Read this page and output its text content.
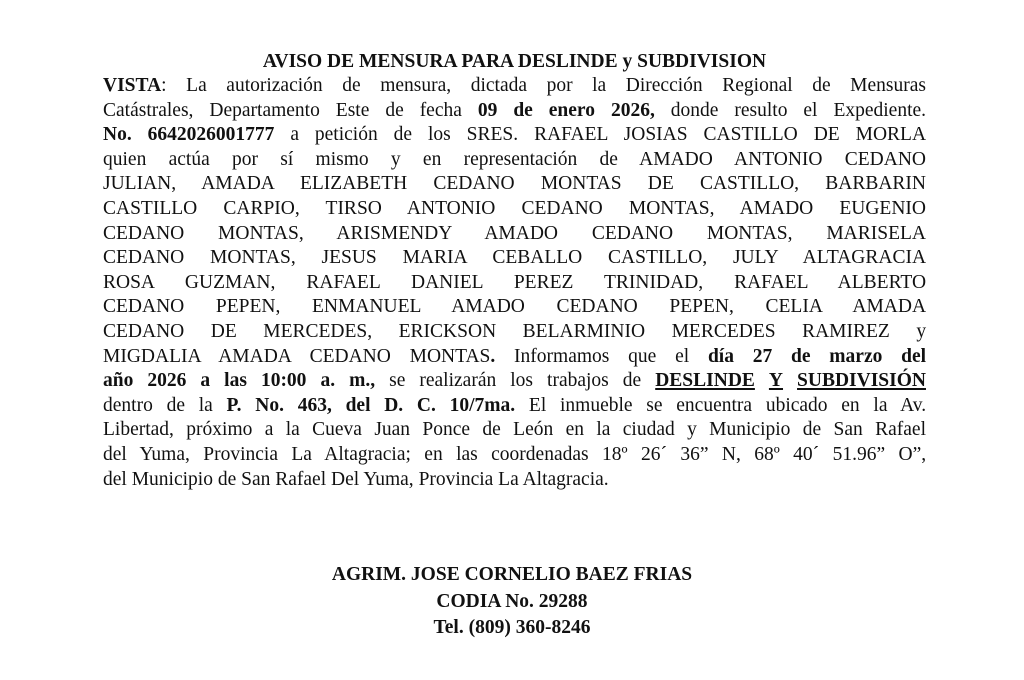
AVISO DE MENSURA PARA DESLINDE y SUBDIVISION
VISTA: La autorización de mensura, dictada por la Dirección Regional de Mensuras
Catástrales, Departamento Este de fecha 09 de enero 2026, donde resulto el Expediente.
No. 6642026001777 a petición de los SRES. RAFAEL JOSIAS CASTILLO DE MORLA
quien actúa por sí mismo y en representación de AMADO ANTONIO CEDANO
JULIAN, AMADA ELIZABETH CEDANO MONTAS DE CASTILLO, BARBARIN
CASTILLO CARPIO, TIRSO ANTONIO CEDANO MONTAS, AMADO EUGENIO
CEDANO MONTAS, ARISMENDY AMADO CEDANO MONTAS, MARISELA
CEDANO MONTAS, JESUS MARIA CEBALLO CASTILLO, JULY ALTAGRACIA
ROSA GUZMAN, RAFAEL DANIEL PEREZ TRINIDAD, RAFAEL ALBERTO
CEDANO PEPEN, ENMANUEL AMADO CEDANO PEPEN, CELIA AMADA
CEDANO DE MERCEDES, ERICKSON BELARMINIO MERCEDES RAMIREZ y
MIGDALIA AMADA CEDANO MONTAS. Informamos que el día 27 de marzo del
año 2026 a las 10:00 a. m., se realizarán los trabajos de DESLINDE Y SUBDIVISIÓN
dentro de la P. No. 463, del D. C. 10/7ma. El inmueble se encuentra ubicado en la Av.
Libertad, próximo a la Cueva Juan Ponce de León en la ciudad y Municipio de San Rafael
del Yuma, Provincia La Altagracia; en las coordenadas 18º 26´ 36” N, 68º 40´ 51.96” O”,
del Municipio de San Rafael Del Yuma, Provincia La Altagracia.
AGRIM. JOSE CORNELIO BAEZ FRIAS
CODIA No. 29288
Tel. (809) 360-8246
